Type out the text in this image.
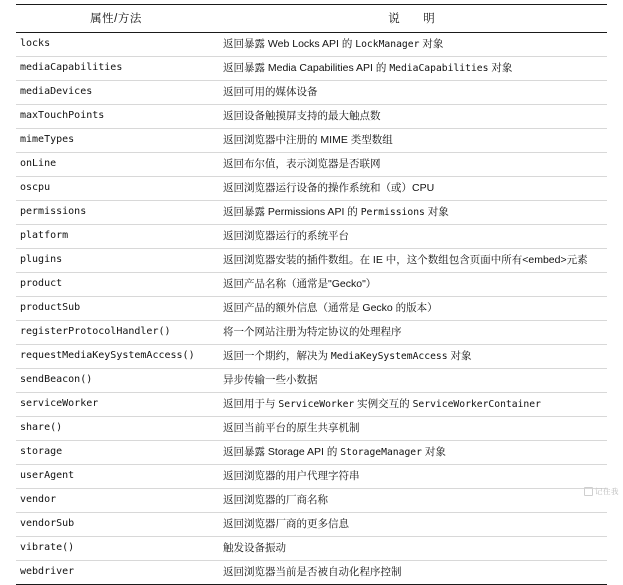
属性/方法	说　明
locks	返回暴露 Web Locks API 的 LockManager 对象
mediaCapabilities	返回暴露 Media Capabilities API 的 MediaCapabilities 对象
mediaDevices	返回可用的媒体设备
maxTouchPoints	返回设备触摸屏支持的最大触点数
mimeTypes	返回浏览器中注册的 MIME 类型数组
onLine	返回布尔值，表示浏览器是否联网
oscpu	返回浏览器运行设备的操作系统和（或）CPU
permissions	返回暴露 Permissions API 的 Permissions 对象
platform	返回浏览器运行的系统平台
plugins	返回浏览器安装的插件数组。在 IE 中，这个数组包含页面中所有<embed>元素
product	返回产品名称（通常是"Gecko"）
productSub	返回产品的额外信息（通常是 Gecko 的版本）
registerProtocolHandler()	将一个网站注册为特定协议的处理程序
requestMediaKeySystemAccess()	返回一个期约，解决为 MediaKeySystemAccess 对象
sendBeacon()	异步传输一些小数据
serviceWorker	返回用于与 ServiceWorker 实例交互的 ServiceWorkerContainer
share()	返回当前平台的原生共享机制
storage	返回暴露 Storage API 的 StorageManager 对象
userAgent	返回浏览器的用户代理字符串
vendor	返回浏览器的厂商名称
vendorSub	返回浏览器厂商的更多信息
vibrate()	触发设备振动
webdriver	返回浏览器当前是否被自动化程序控制
记住我
